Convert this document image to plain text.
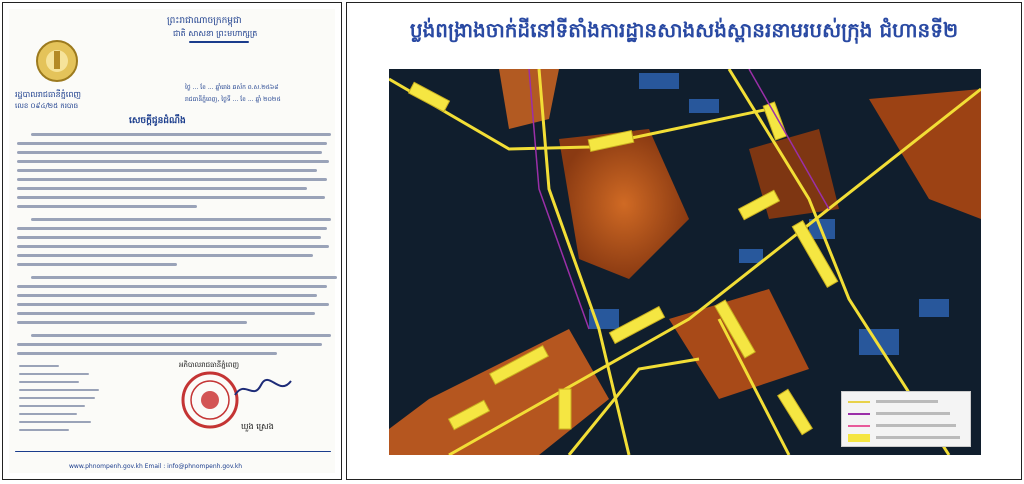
ព្រះរាជាណាចក្រកម្ពុជា
ជាតិ សាសនា ព្រះមហាក្សត្រ
រដ្ឋបាលរាជធានីភ្នំពេញ
លេខ ០៩៤/២៥ ករបាធ
ថ្ងៃ ... ខែ ... ឆ្នាំរោង ឆស័ក ព.ស.២៥៦៨
រាជធានីភ្នំពេញ, ថ្ងៃទី ... ខែ ... ឆ្នាំ ២០២៥
សេចក្តីជូនដំណឹង
អភិបាលរាជធានីភ្នំពេញ
ឃួង ស្រេង
www.phnompenh.gov.kh Email : info@phnompenh.gov.kh
ប្លង់ពង្រាងចាក់ដីនៅទីតាំងការដ្ឋានសាងសង់ស្ពានរនាមរបស់ក្រុង ជំហានទី២
